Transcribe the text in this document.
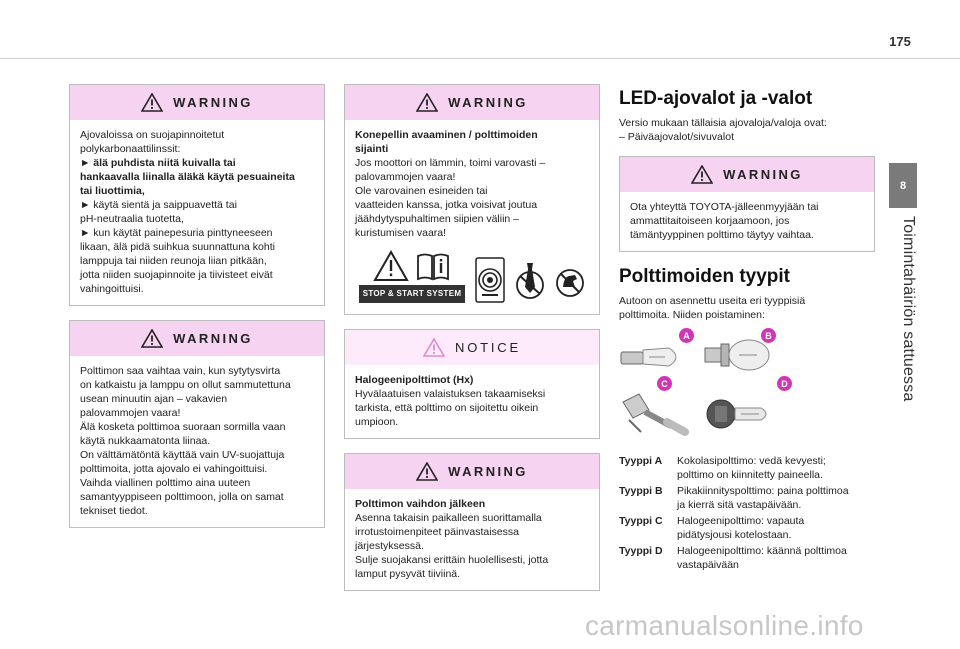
175
8
Toimintahäiriön sattuessa
WARNING

Ajovaloissa on suojapinnoitetut

polykarbonaattilinssit:

► älä puhdista niitä kuivalla tai

hankaavalla liinalla äläkä käytä pesuaineita

tai liuottimia,

► käytä sientä ja saippuavettä tai

pH-neutraalia tuotetta,

► kun käytät painepesuria pinttyneeseen

likaan, älä pidä suihkua suunnattuna kohti

lamppuja tai niiden reunoja liian pitkään,

jotta niiden suojapinnoite ja tiivisteet eivät

vahingoittuisi.

WARNING

Polttimon saa vaihtaa vain, kun sytytysvirta

on katkaistu ja lamppu on ollut sammutettuna

usean minuutin ajan – vakavien

palovammojen vaara!

Älä kosketa polttimoa suoraan sormilla vaan

käytä nukkaamatonta liinaa.

On välttämätöntä käyttää vain UV-suojattuja

polttimoita, jotta ajovalo ei vahingoittuisi.

Vaihda viallinen polttimo aina uuteen

samantyyppiseen polttimoon, jolla on samat

tekniset tiedot.

WARNING

Konepellin avaaminen / polttimoiden

sijainti

Jos moottori on lämmin, toimi varovasti –

palovammojen vaara!

Ole varovainen esineiden tai

vaatteiden kanssa, jotka voisivat joutua

jäähdytyspuhaltimen siipien väliin –

kuristumisen vaara!

STOP & START SYSTEM
NOTICE

Halogeenipolttimot (Hx)

Hyvälaatuisen valaistuksen takaamiseksi

tarkista, että polttimo on sijoitettu oikein

umpioon.

WARNING

Polttimon vaihdon jälkeen

Asenna takaisin paikalleen suorittamalla

irrotustoimenpiteet päinvastaisessa

järjestyksessä.

Sulje suojakansi erittäin huolellisesti, jotta

lamput pysyvät tiiviinä.

LED-ajovalot ja -valot

Versio mukaan tällaisia ajovaloja/valoja ovat:

– Päiväajovalot/sivuvalot

WARNING

Ota yhteyttä TOYOTA-jälleenmyyjään tai

ammattitaitoiseen korjaamoon, jos

tämäntyyppinen polttimo täytyy vaihtaa.

Polttimoiden tyypit

Autoon on asennettu useita eri tyyppisiä

polttimoita. Niiden poistaminen:

A	B
C	D
Tyyppi A	Kokolasipolttimo: vedä kevyesti;
polttimo on kiinnitetty paineella.
Tyyppi B	Pikakiinnityspolttimo: paina polttimoa
ja kierrä sitä vastapäivään.
Tyyppi C	Halogeenipolttimo: vapauta
pidätysjousi kotelostaan.
Tyyppi D	Halogeenipolttimo: käännä polttimoa
vastapäivään
carmanualsonline.info
